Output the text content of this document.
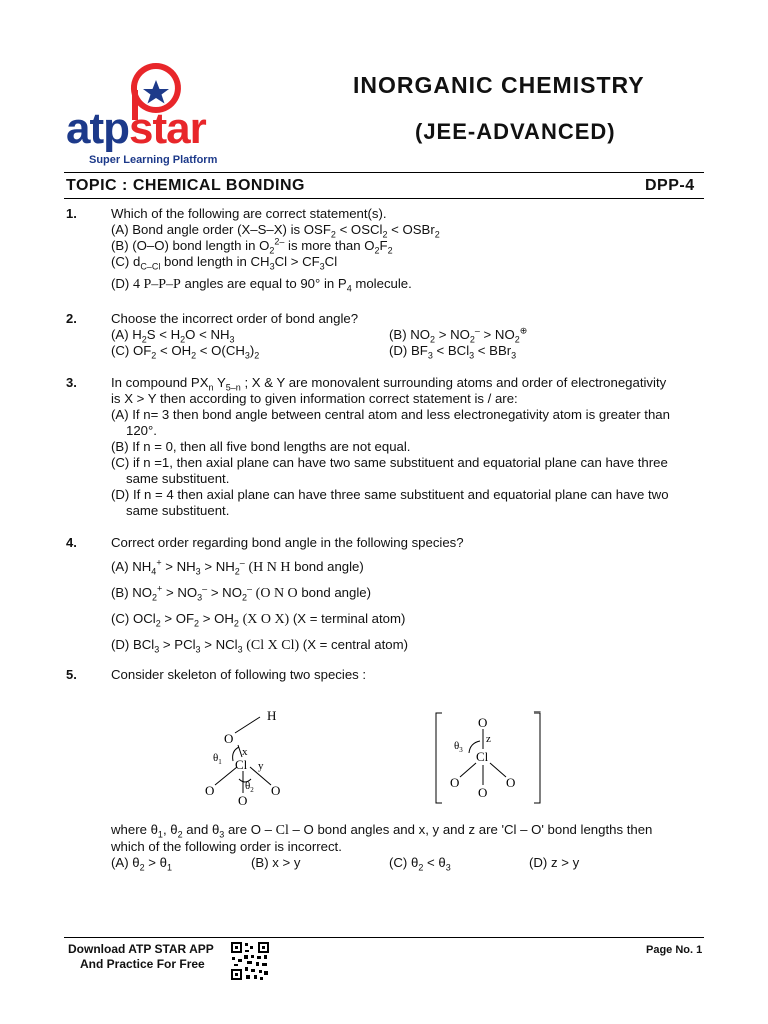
atpstar
Super Learning Platform
INORGANIC CHEMISTRY
(JEE-ADVANCED)
TOPIC : CHEMICAL BONDING	DPP-4
1.	Which of the following are correct statement(s).
(A) Bond angle order (X–S–X) is $OSF_2$ < OSCl$_2$ < OSBr$_2$
(B) (O–O) bond length in $O_2^{2-}$ is more than $O_2F_2$
(C) $d_{C-Cl}$ bond length in $CH_3Cl > CF_3Cl$
(D) 4 P–P–P angles are equal to 90° in $P_4$ molecule.
2.	Choose the incorrect order of bond angle?
(A) $H_2S < H_2O < NH_3$	(B) $NO_2 > NO_2^- > NO_2^\oplus$
(C) $OF_2 < OH_2 < O(CH_3)_2$	(D) $BF_3 < BCl_3 < BBr_3$
3.	In compound $PX_n$ $Y_{5-n}$ ; X & Y are monovalent surrounding atoms and order of electronegativity
is X > Y then according to given information correct statement is / are:
(A) If n= 3 then bond angle between central atom and less electronegativity atom is greater than
120°.
(B) If n = 0, then all five bond lengths are not equal.
(C) if n =1, then axial plane can have two same substituent and equatorial plane can have three
same substituent.
(D) If n = 4 then axial plane can have three same substituent and equatorial plane can have two
same substituent.
4.	Correct order regarding bond angle in the following species?
(A) $NH_4^+ > NH_3 > NH_2^-$ (H N H bond angle)
(B) $NO_2^+ > NO_3^- > NO_2^-$ (O N O bond angle)
(C) $OCl_2 > OF_2 > OH_2$ (X O X) (X = terminal atom)
(D) BCl$_3$ > PCl$_3$ > NCl$_3$ (Cl X Cl) (X = central atom)
5.	Consider skeleton of following two species :
H
O
x
Cl y
$\theta_1$
$\theta_2$
O
O
O
–
O
z
$\theta_3$ Cl
O
O
O
where $\theta_1$, $\theta_2$ and $\theta_3$ are O – Cl – O bond angles and x, y and z are 'Cl – O' bond lengths then
which of the following order is incorrect.
(A) $\theta_2 > \theta_1$	(B) x > y	(C) $\theta_2 < \theta_3$	(D) z > y
Download ATP STAR APP
And Practice For Free
Page No. 1
